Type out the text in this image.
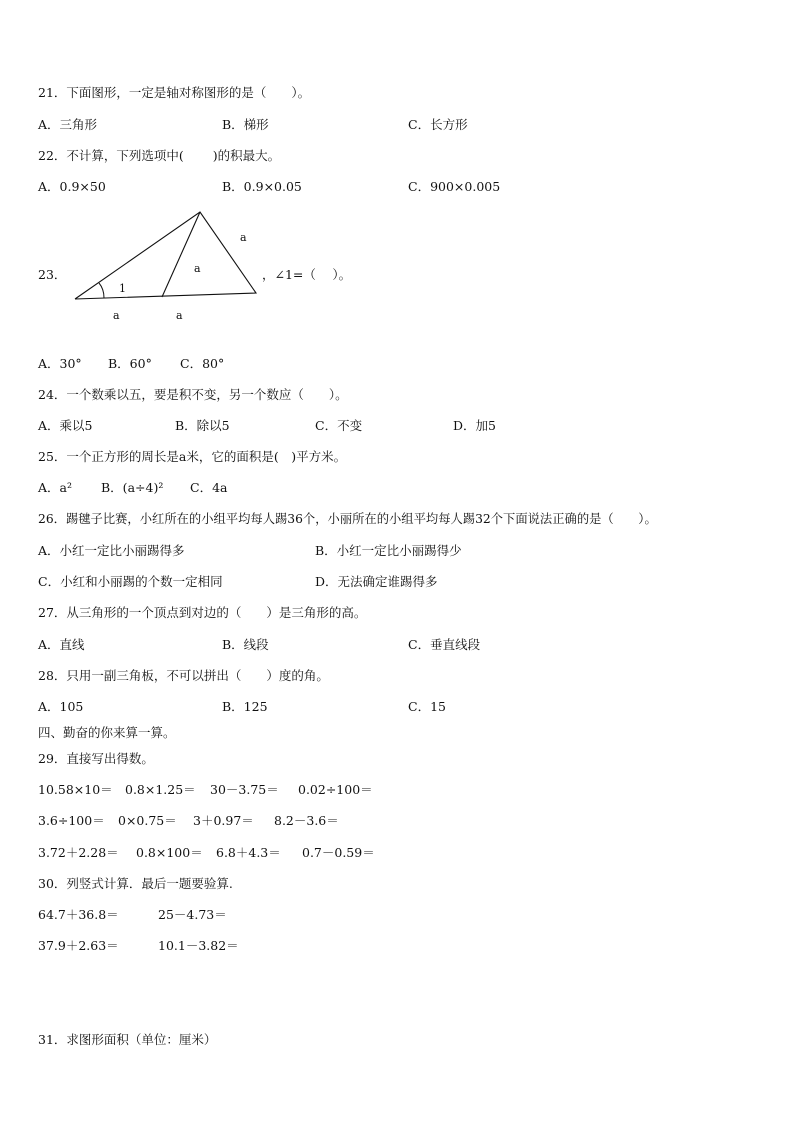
21．下面图形，一定是轴对称图形的是（　　）。
A．三角形	B．梯形	C．长方形
22．不计算，下列选项中(　　 )的积最大。
A．0.9×50	B．0.9×0.05	C．900×0.005
23．
a
a
1
a	a
，∠1=（　 ）。
A．30° B．60° C．80°
24．一个数乘以五，要是积不变，另一个数应（　　）。
A．乘以5	B．除以5	C．不变	D．加5
25．一个正方形的周长是a米，它的面积是(　)平方米。
A．a² B．(a÷4)² C．4a
26．踢毽子比赛，小红所在的小组平均每人踢36个，小丽所在的小组平均每人踢32个下面说法正确的是（　　）。
A．小红一定比小丽踢得多	B．小红一定比小丽踢得少
C．小红和小丽踢的个数一定相同	D．无法确定谁踢得多
27．从三角形的一个顶点到对边的（　　）是三角形的高。
A．直线	B．线段	C．垂直线段
28．只用一副三角板，不可以拼出（　　）度的角。
A．105	B．125	C．15
四、勤奋的你来算一算。
29．直接写出得数。
10.58×10＝ 0.8×1.25＝ 30－3.75＝ 0.02÷100＝
3.6÷100＝ 0×0.75＝ 3＋0.97＝ 8.2－3.6＝
3.72＋2.28＝ 0.8×100＝ 6.8＋4.3＝ 0.7－0.59＝
30．列竖式计算．最后一题要验算.
64.7＋36.8＝	25－4.73＝
37.9＋2.63＝	10.1－3.82＝
31．求图形面积（单位：厘米）
